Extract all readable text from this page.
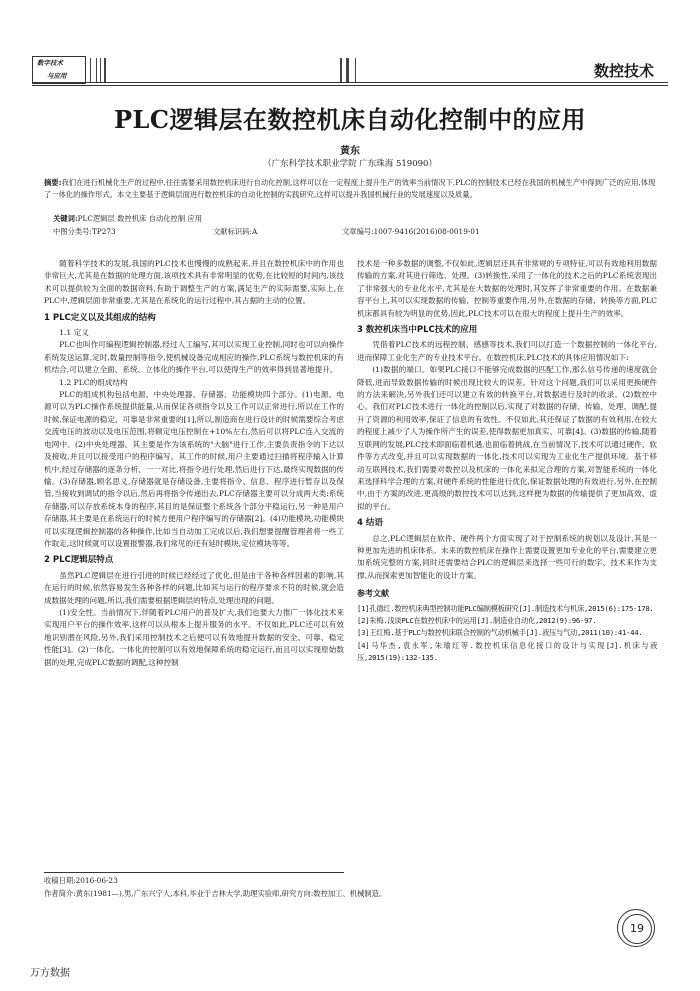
数字技术
与应用	数控技术
PLC逻辑层在数控机床自动化控制中的应用
黄东
（广东科学技术职业学院 广东珠海 519090）
摘要:我们在进行机械化生产的过程中,往往需要采用数控机床进行自动化控制,这样可以在一定程度上提升生产的效率当前情况下,PLC的控制技术已经在我国的机械生产中得到广泛的应用,体现了一体化的操作形式。本文主要基于逻辑层面进行数控机床的自动化控制的实践研究,这样可以提升我国机械行业的发展速度以及质量。
关键词:PLC逻辑层 数控机床 自动化控制 应用
中图分类号:TP273	文献标识码:A	文章编号:1007-9416(2016)08-0019-01

随着科学技术的发展,我国的PLC技术也慢慢的成熟起来,并且在数控机床中的作用也非常巨大,尤其是在数据的处理方面,该项技术具有非常明显的优势,在比较短的时间内,该技术可以提供较为全面的数据资料,有助于调整生产的方案,满足生产的实际需要,实际上,在PLC中,逻辑层面非常重要,尤其是在系统化的运行过程中,其占据的主动的位置。

1 PLC定义以及其组成的结构

1.1 定义

PLC也叫作可编程逻辑控制器,经过人工编写,其可以实现工业控制,同时也可以向操作系统发送运算,定时,数量控制等指令,使机械设备完成相应的操作,PLC系统与数控机床的有机结合,可以建立全面、系统、立体化的操作平台,可以使得生产的效率得到显著地提升。

1.2 PLC的组成结构

PLC的组成机构包括电源、中央处理器、存储器、功能模块四个部分。(1)电源。电源可以为PLC操作系统提供能量,从而保证各项指令以及工作可以正常进行,所以在工作的时候,保证电源的稳定、可靠是非常重要的[1],所以,制造商在进行设计的时候需要综合考虑交流电压的波动以及电压范围,将额定电压控制在+10%左右,然后可以将PLC连入交流的电网中。(2)中央处理器。其主要是作为该系统的"大脑"进行工作,主要负责指令的下达以及接收,并且可以接受用户的程序编写。其工作的时候,用户主要通过扫描将程序输入计算机中,经过存储器的逐条分析、一一对比,将指令进行处理,然后进行下达,最终实现数据的传输。(3)存储器,顾名思义,存储器就是存储设备,主要将指令、信息、程序进行暂存以及保管,当接收到调试的指令以后,然后再将指令传递出去,PLC存储器主要可以分成两大类:系统存储器,可以存放系统本身的程序,其目的是保证整个系统各个部分平稳运行,另一种是用户存储器,其主要是在系统运行的时候方便用户程序编写的存储器[2]。(4)功能模块,功能模块可以实现逻辑控制器的各种操作,比如当自动加工完成以后,我们想要提醒管理者将一些工作取走,这时候就可以设置报警器,我们常见的还有延时模块,定位模块等等。

2 PLC逻辑层特点

虽然PLC逻辑层在进行引进的时候已经经过了优化,但是由于各种各样因素的影响,其在运行的时候,依然容易发生各种各样的问题,比如其与运行的程序要求不符的时候,就会造成数据处理的问题,所以,我们需要根据逻辑层的特点,处理出现的问题。

(1)安全性。当前情况下,伴随着PLC用户的普及扩大,我们也要大力推广一体化技术来实现用户平台的操作效率,这样可以从根本上提升服务的水平。不仅如此,PLC还可以有效地识别潜在风险,另外,我们采用控制技术之后便可以有效地提升数据的安全、可靠、稳定性能[3]。(2)一体化。一体化的控制可以有效地保障系统的稳定运行,而且可以实现原始数据的处理,完成PLC数据的调配,这种控制

技术是一种多数据的调整,不仅如此,逻辑层还具有非常规的专项特征,可以有效地利用数据传输的方案,对其进行筛选、处理。(3)转换性,采用了一体化的技术之后的PLC系统表现出了非常强大的专业化水平,尤其是在大数据的处理时,其发挥了非常重要的作用。在数据兼容平台上,其可以实现数据的传输、控制等重要作用,另外,在数据的存储、转换等方面,PLC机床都具有较为明显的优势,因此,PLC技术可以在很大的程度上提升生产的效率。

3 数控机床当中PLC技术的应用

凭借着PLC技术的远程控制、感感等技术,我们可以打造一个数据控制的一体化平台,进而保障工业化生产的专业技术平台。在数控机床,PLC技术的具体应用情况如下:

(1)数据的端口。如果PLC接口不能够完成数据的匹配工作,那么信号传递的速度就会降低,进而导致数据传输的时候出现比较大的误差。针对这个问题,我们可以采用更换硬件的方法来解决,另外我们还可以建立有效的转换平台,对数据进行及时的收录。(2)数控中心。我们对PLC技术进行一体化的控制以后,实现了对数据的存储、传输、处理、调配,提升了资源的利用效率,保证了信息的有效性。不仅如此,其还保证了数据的有效利用,在较大的程度上减少了人为操作所产生的误差,使得数据更加真实、可靠[4]。(3)数据的传输,随着互联网的发展,PLC技术即面临着机遇,也面临着挑战,在当前情况下,技术可以通过硬件、软件等方式改变,并且可以实现数据的一体化,技术可以实现为工业化生产提供环境。基于移动互联网技术,我们需要对数控以及机床的一体化来拟定合理的方案,对智能系统的一体化来选择科学合理的方案,对硬件系统的性能进行优化,保证数据处理的有效进行,另外,在控制中,由于方案的改进,更高级的数控技术可以达到,这样便为数据的传输提供了更加高效、虚拟的平台。

4 结语

总之,PLC逻辑层在软件、硬件两个方面实现了对于控制系统的规划以及设计,其是一种更加先进的机床体系。未来的数控机床在操作上需要设置更加专业化的平台,需要建立更加系统完整的方案,同时还需要结合PLC的逻辑层来选择一些可行的数字、技术来作为支撑,从而探索更加智能化的设计方案。

参考文献
[1]孔德红.数控机床典型控制功能PLC编制模板研究[J].制造技术与机床,2015(6):175-178.
[2]朱梅.浅谈PLC在数控机床中的运用[J].制造业自动化,2012(9):96-97.
[3]王红梅.基于PLC与数控机床联合控制的气动机械手[J].液压与气动,2011(10):41-44.
[4]马华杰,袁永军,朱瑜红等.数控机床信息化接口的设计与实现[J].机床与液压,2015(19):132-135.
收稿日期:2016-06-23
作者简介:黄东(1981—),男,广东兴宁人,本科,毕业于吉林大学,助理实验师,研究方向:数控加工、机械制造。
19
万方数据
